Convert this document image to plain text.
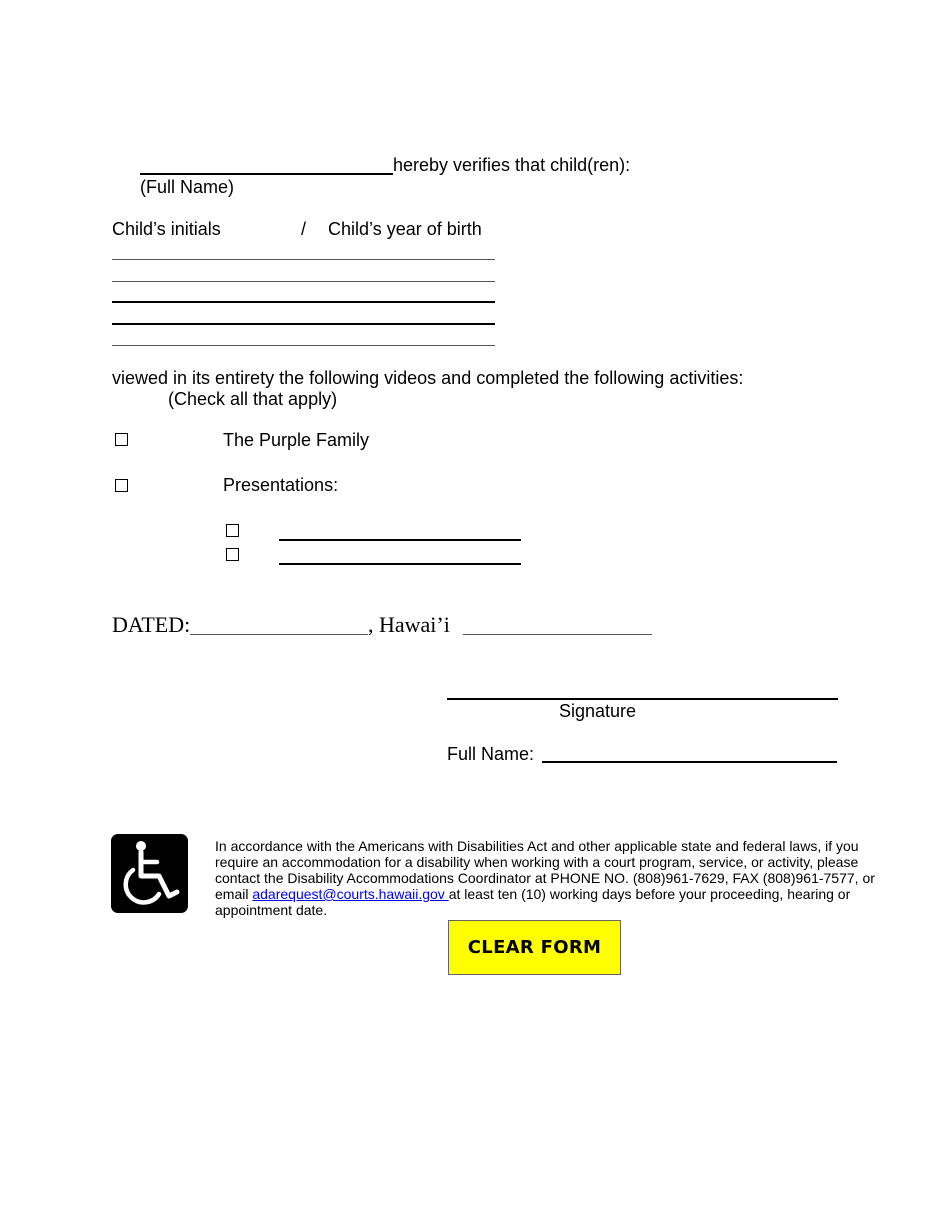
hereby verifies that child(ren):
(Full Name)
Child’s initials	/ Child’s year of birth
viewed in its entirety the following videos and completed the following activities:
(Check all that apply)
The Purple Family
Presentations:
DATED:	, Hawai’i
Signature
Full Name:
In accordance with the Americans with Disabilities Act and other applicable state and federal laws, if you require an accommodation for a disability when working with a court program, service, or activity, please contact the Disability Accommodations Coordinator at PHONE NO. (808)961-7629, FAX (808)961-7577, or email adarequest@courts.hawaii.gov at least ten (10) working days before your proceeding, hearing or appointment date.
CLEAR FORM
